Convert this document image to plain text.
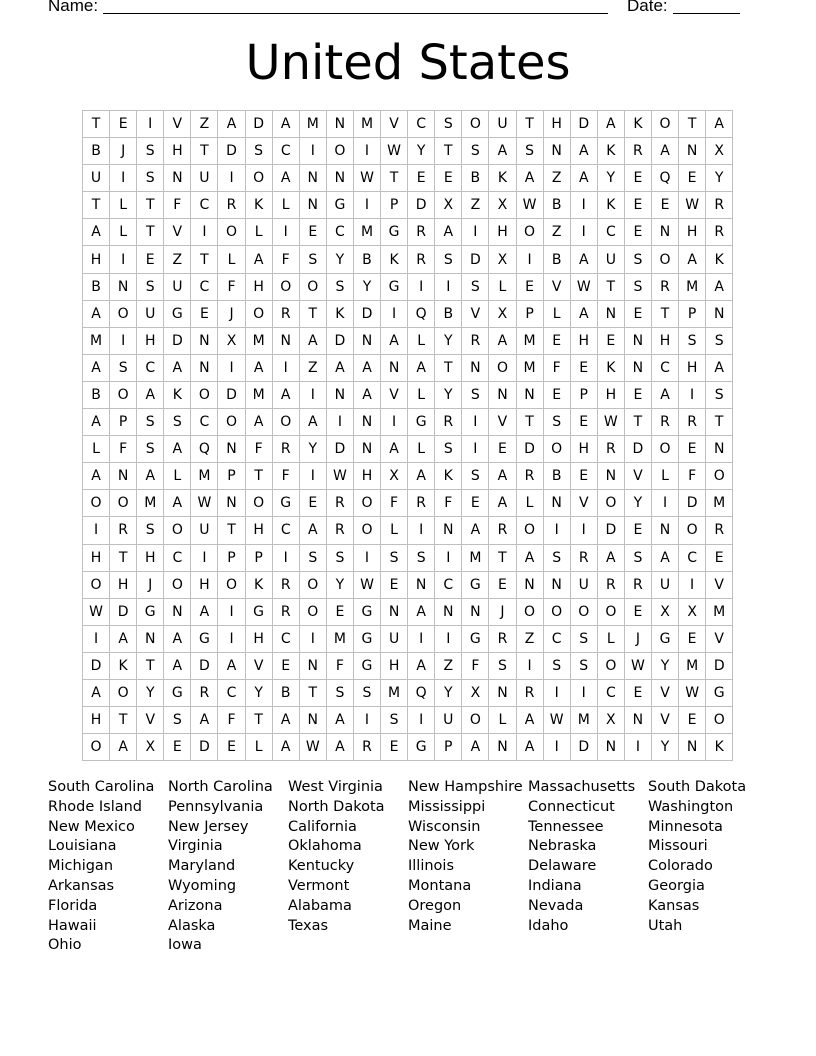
Name:	Date:
United States
T	E	I	V	Z	A	D	A	M	N	M	V	C	S	O	U	T	H	D	A	K	O	T	A
B	J	S	H	T	D	S	C	I	O	I	W	Y	T	S	A	S	N	A	K	R	A	N	X
U	I	S	N	U	I	O	A	N	N	W	T	E	E	B	K	A	Z	A	Y	E	Q	E	Y
T	L	T	F	C	R	K	L	N	G	I	P	D	X	Z	X	W	B	I	K	E	E	W	R
A	L	T	V	I	O	L	I	E	C	M	G	R	A	I	H	O	Z	I	C	E	N	H	R
H	I	E	Z	T	L	A	F	S	Y	B	K	R	S	D	X	I	B	A	U	S	O	A	K
B	N	S	U	C	F	H	O	O	S	Y	G	I	I	S	L	E	V	W	T	S	R	M	A
A	O	U	G	E	J	O	R	T	K	D	I	Q	B	V	X	P	L	A	N	E	T	P	N
M	I	H	D	N	X	M	N	A	D	N	A	L	Y	R	A	M	E	H	E	N	H	S	S
A	S	C	A	N	I	A	I	Z	A	A	N	A	T	N	O	M	F	E	K	N	C	H	A
B	O	A	K	O	D	M	A	I	N	A	V	L	Y	S	N	N	E	P	H	E	A	I	S
A	P	S	S	C	O	A	O	A	I	N	I	G	R	I	V	T	S	E	W	T	R	R	T
L	F	S	A	Q	N	F	R	Y	D	N	A	L	S	I	E	D	O	H	R	D	O	E	N
A	N	A	L	M	P	T	F	I	W	H	X	A	K	S	A	R	B	E	N	V	L	F	O
O	O	M	A	W	N	O	G	E	R	O	F	R	F	E	A	L	N	V	O	Y	I	D	M
I	R	S	O	U	T	H	C	A	R	O	L	I	N	A	R	O	I	I	D	E	N	O	R
H	T	H	C	I	P	P	I	S	S	I	S	S	I	M	T	A	S	R	A	S	A	C	E
O	H	J	O	H	O	K	R	O	Y	W	E	N	C	G	E	N	N	U	R	R	U	I	V
W	D	G	N	A	I	G	R	O	E	G	N	A	N	N	J	O	O	O	O	E	X	X	M
I	A	N	A	G	I	H	C	I	M	G	U	I	I	G	R	Z	C	S	L	J	G	E	V
D	K	T	A	D	A	V	E	N	F	G	H	A	Z	F	S	I	S	S	O	W	Y	M	D
A	O	Y	G	R	C	Y	B	T	S	S	M	Q	Y	X	N	R	I	I	C	E	V	W	G
H	T	V	S	A	F	T	A	N	A	I	S	I	U	O	L	A	W	M	X	N	V	E	O
O	A	X	E	D	E	L	A	W	A	R	E	G	P	A	N	A	I	D	N	I	Y	N	K
South Carolina
Rhode Island
New Mexico
Louisiana
Michigan
Arkansas
Florida
Hawaii
Ohio
North Carolina
Pennsylvania
New Jersey
Virginia
Maryland
Wyoming
Arizona
Alaska
Iowa
West Virginia
North Dakota
California
Oklahoma
Kentucky
Vermont
Alabama
Texas
New Hampshire
Mississippi
Wisconsin
New York
Illinois
Montana
Oregon
Maine
Massachusetts
Connecticut
Tennessee
Nebraska
Delaware
Indiana
Nevada
Idaho
South Dakota
Washington
Minnesota
Missouri
Colorado
Georgia
Kansas
Utah
